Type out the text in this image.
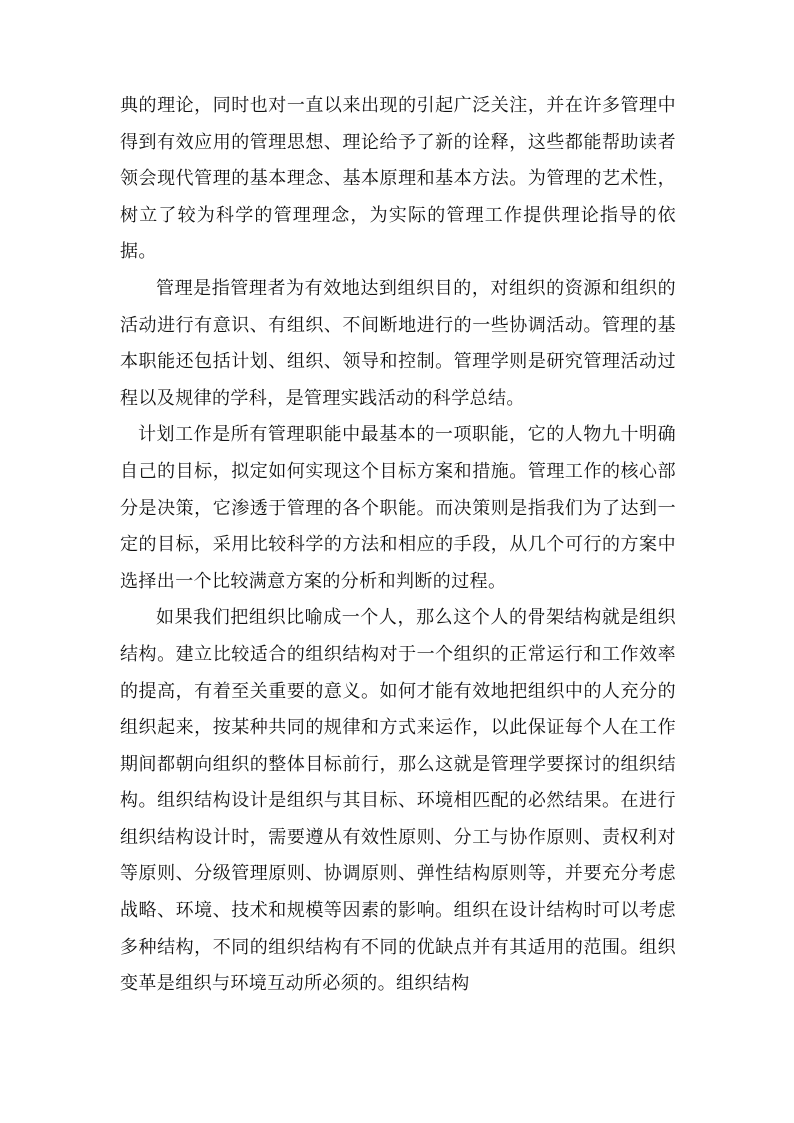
典的理论，同时也对一直以来出现的引起广泛关注，并在许多管理中得到有效应用的管理思想、理论给予了新的诠释，这些都能帮助读者领会现代管理的基本理念、基本原理和基本方法。为管理的艺术性，树立了较为科学的管理理念，为实际的管理工作提供理论指导的依据。

管理是指管理者为有效地达到组织目的，对组织的资源和组织的活动进行有意识、有组织、不间断地进行的一些协调活动。管理的基本职能还包括计划、组织、领导和控制。管理学则是研究管理活动过程以及规律的学科，是管理实践活动的科学总结。

计划工作是所有管理职能中最基本的一项职能，它的人物九十明确自己的目标，拟定如何实现这个目标方案和措施。管理工作的核心部分是决策，它渗透于管理的各个职能。而决策则是指我们为了达到一定的目标，采用比较科学的方法和相应的手段，从几个可行的方案中选择出一个比较满意方案的分析和判断的过程。

如果我们把组织比喻成一个人，那么这个人的骨架结构就是组织结构。建立比较适合的组织结构对于一个组织的正常运行和工作效率的提高，有着至关重要的意义。如何才能有效地把组织中的人充分的组织起来，按某种共同的规律和方式来运作，以此保证每个人在工作期间都朝向组织的整体目标前行，那么这就是管理学要探讨的组织结构。组织结构设计是组织与其目标、环境相匹配的必然结果。在进行组织结构设计时，需要遵从有效性原则、分工与协作原则、责权利对等原则、分级管理原则、协调原则、弹性结构原则等，并要充分考虑战略、环境、技术和规模等因素的影响。组织在设计结构时可以考虑多种结构，不同的组织结构有不同的优缺点并有其适用的范围。组织变革是组织与环境互动所必须的。组织结构
